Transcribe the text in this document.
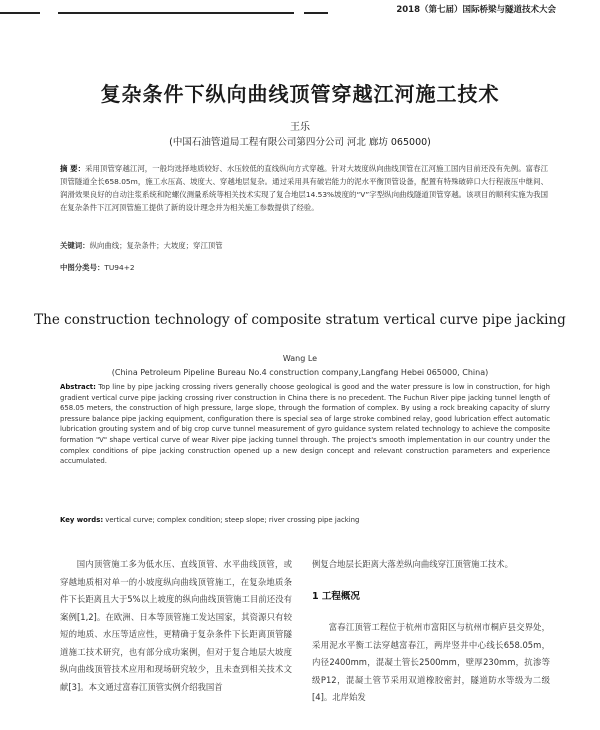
2018（第七届）国际桥梁与隧道技术大会
复杂条件下纵向曲线顶管穿越江河施工技术
王乐
(中国石油管道局工程有限公司第四分公司 河北 廊坊 065000)
摘 要：采用顶管穿越江河，一般均选择地质较好、水压较低的直线纵向方式穿越。针对大坡度纵向曲线顶管在江河施工国内目前还没有先例。富春江顶管隧道全长658.05m，施工水压高、坡度大、穿越地层复杂。通过采用具有破岩能力的泥水平衡顶管设备，配置有特殊破碎口大行程液压中继间、润滑效果良好的自动注浆系统和陀螺仪测量系统等相关技术实现了复合地层14.53%坡度的“V”字型纵向曲线隧道顶管穿越。该项目的顺利实施为我国在复杂条件下江河顶管施工提供了新的设计理念并为相关施工参数提供了经验。
关键词：纵向曲线；复杂条件；大坡度；穿江顶管
中图分类号：TU94+2
The construction technology of composite stratum vertical curve pipe jacking
Wang Le
(China Petroleum Pipeline Bureau No.4 construction company,Langfang Hebei 065000, China)
Abstract: Top line by pipe jacking crossing rivers generally choose geological is good and the water pressure is low in construction, for high gradient vertical curve pipe jacking crossing river construction in China there is no precedent. The Fuchun River pipe jacking tunnel length of 658.05 meters, the construction of high pressure, large slope, through the formation of complex. By using a rock breaking capacity of slurry pressure balance pipe jacking equipment, configuration there is special sea of large stroke combined relay, good lubrication effect automatic lubrication grouting system and of big crop curve tunnel measurement of gyro guidance system related technology to achieve the composite formation "V" shape vertical curve of wear River pipe jacking tunnel through. The project's smooth implementation in our country under the complex conditions of pipe jacking construction opened up a new design concept and relevant construction parameters and experience accumulated.
Key words: vertical curve; complex condition; steep slope; river crossing pipe jacking
国内顶管施工多为低水压、直线顶管、水平曲线顶管，或穿越地质相对单一的小坡度纵向曲线顶管施工，在复杂地质条件下长距离且大于5%以上坡度的纵向曲线顶管施工目前还没有案例[1,2]。在欧洲、日本等顶管施工发达国家，其资源只有较短的地质、水压等适应性，更精确于复杂条件下长距离顶管隧道施工技术研究，也有部分成功案例，但对于复合地层大坡度纵向曲线顶管技术应用和现场研究较少，且未查到相关技术文献[3]。本文通过富春江顶管实例介绍我国首

例复合地层长距离大落差纵向曲线穿江顶管施工技术。

1 工程概况

富春江顶管工程位于杭州市富阳区与杭州市桐庐县交界处，采用泥水平衡工法穿越富春江，两岸竖井中心线长658.05m，内径2400mm，混凝土管长2500mm，壁厚230mm，抗渗等级P12，混凝土管节采用双道橡胶密封，隧道防水等级为二级[4]。北岸始发
